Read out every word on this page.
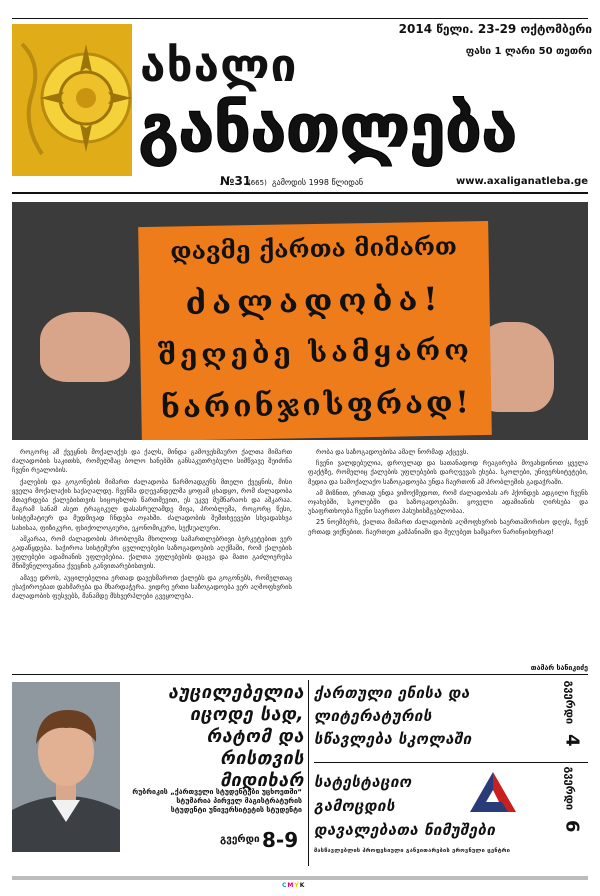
ახალი
განათლება
2014 წელი. 23-29 ოქტომბერი
ფასი 1 ლარი 50 თეთრი
№31
(665) გამოდის 1998 წლიდან	www.axaliganatleba.ge
დავმე ქართა მიმართ
ძალადობა!
შეღებე სამყარო
ნარინჯისფრად!

როგორც ამ ქვეყნის მოქალაქეს და ქალს, მინდა გამოვეხმაურო ქალთა მიმართ ძალადობის საკითხს, რომელმაც ბოლო ხანებში განსაკუთრებული სიმწვავე შეიძინა ჩვენი რეალობის.

ქალების და გოგონების მიმართ ძალადობა წარმოადგენს მთელი ქვეყნის, მისი ყველა მოქალაქის საქაღალდე. ჩვენმა დღევანდელმა ყოფამ ცხადყო, რომ ძალადობა მთავრდება ქალებისთვის სიცოცხლის წართმევით, ეს უკვე მუშნარაოს და აშკარაა. მაგრამ სანამ ასეთ ტრაგიკულ დასასრულამდე მივა, პრობლემა, როგორც წესი, სისტემატიურ და მუდმივად ჩნდება ოჯახში. ძალადობის შემთხვევები სხვადასხვა სახისაა, ფიზიკური, ფსიქოლოგიური, ეკონომიკური, სექსუალური.

აშკარაა, რომ ძალადობის პრობლემა მხოლოდ სამართლებრივი ბერკეტებით ვერ გადაწყდება. საჭიროა სისტემური ცვლილებები საზოგადოების აღქმაში, რომ ქალების უფლებები ადამიანის უფლებებია. ქალთა უფლებების დაცვა და მათი გაძლიერება მნიშვნელოვანია ქვეყნის განვითარებისთვის.

ამავე დროს, აუცილებელია ერთად დავეხმაროთ ქალებს და გოგონებს, რომელთაც ესაჭიროებათ დახმარება და მხარდაჭერა. ვიდრე ერთი საზოგადოება ვერ აღმოფხვრის ძალადობის ფესვებს, მანამდე მსხვერპლები გვეყოლება.

რობა და საზოგადოებისა ამალ ნორმად აქცევს.

ჩვენი ვალდებულია, დროულად და სათანადოდ რეაგირება მოვახდინოთ ყველა ფაქტზე, რომელიც ქალების უფლებების დარღვევას ეხება. სკოლები, უნივერსიტეტები, მედია და სამოქალაქო საზოგადოება უნდა ჩაერთონ ამ პრობლემის გადაჭრაში.

ამ მიზნით, ერთად უნდა ვიმოქმედოთ, რომ ძალადობას არ ჰქონდეს ადგილი ჩვენს ოჯახებში, სკოლებში და საზოგადოებაში. ყოველი ადამიანის ღირსება და უსაფრთხოება ჩვენი საერთო პასუხისმგებლობაა.

25 ნოემბერს, ქალთა მიმართ ძალადობის აღმოფხვრის საერთაშორისო დღეს, ჩვენ ერთად ვიქნებით. ჩაერთეთ კამპანიაში და შეღებეთ სამყარო ნარინჯისფრად!

თამარ სანიკიძე
აუცილებელია
იცოდე სად,
რატომ და
რისთვის მიდიხარ
რუბრიკის „ქართველი სტუდენტები უცხოეთში“
სტუმარია პირველ მაგისტრატურის
სტუდენტი უნივერსიტეტის სტუდენტი
გვერდი 8-9
ქართული ენისა და
ლიტერატურის
სწავლება სკოლაში
გვერდი 4
სატესტაციო
გამოცდის
დავალებათა ნიმუშები
მასწავლებლის პროფესიული განვითარების ეროვნული ცენტრი
გვერდი 6
CMYK
